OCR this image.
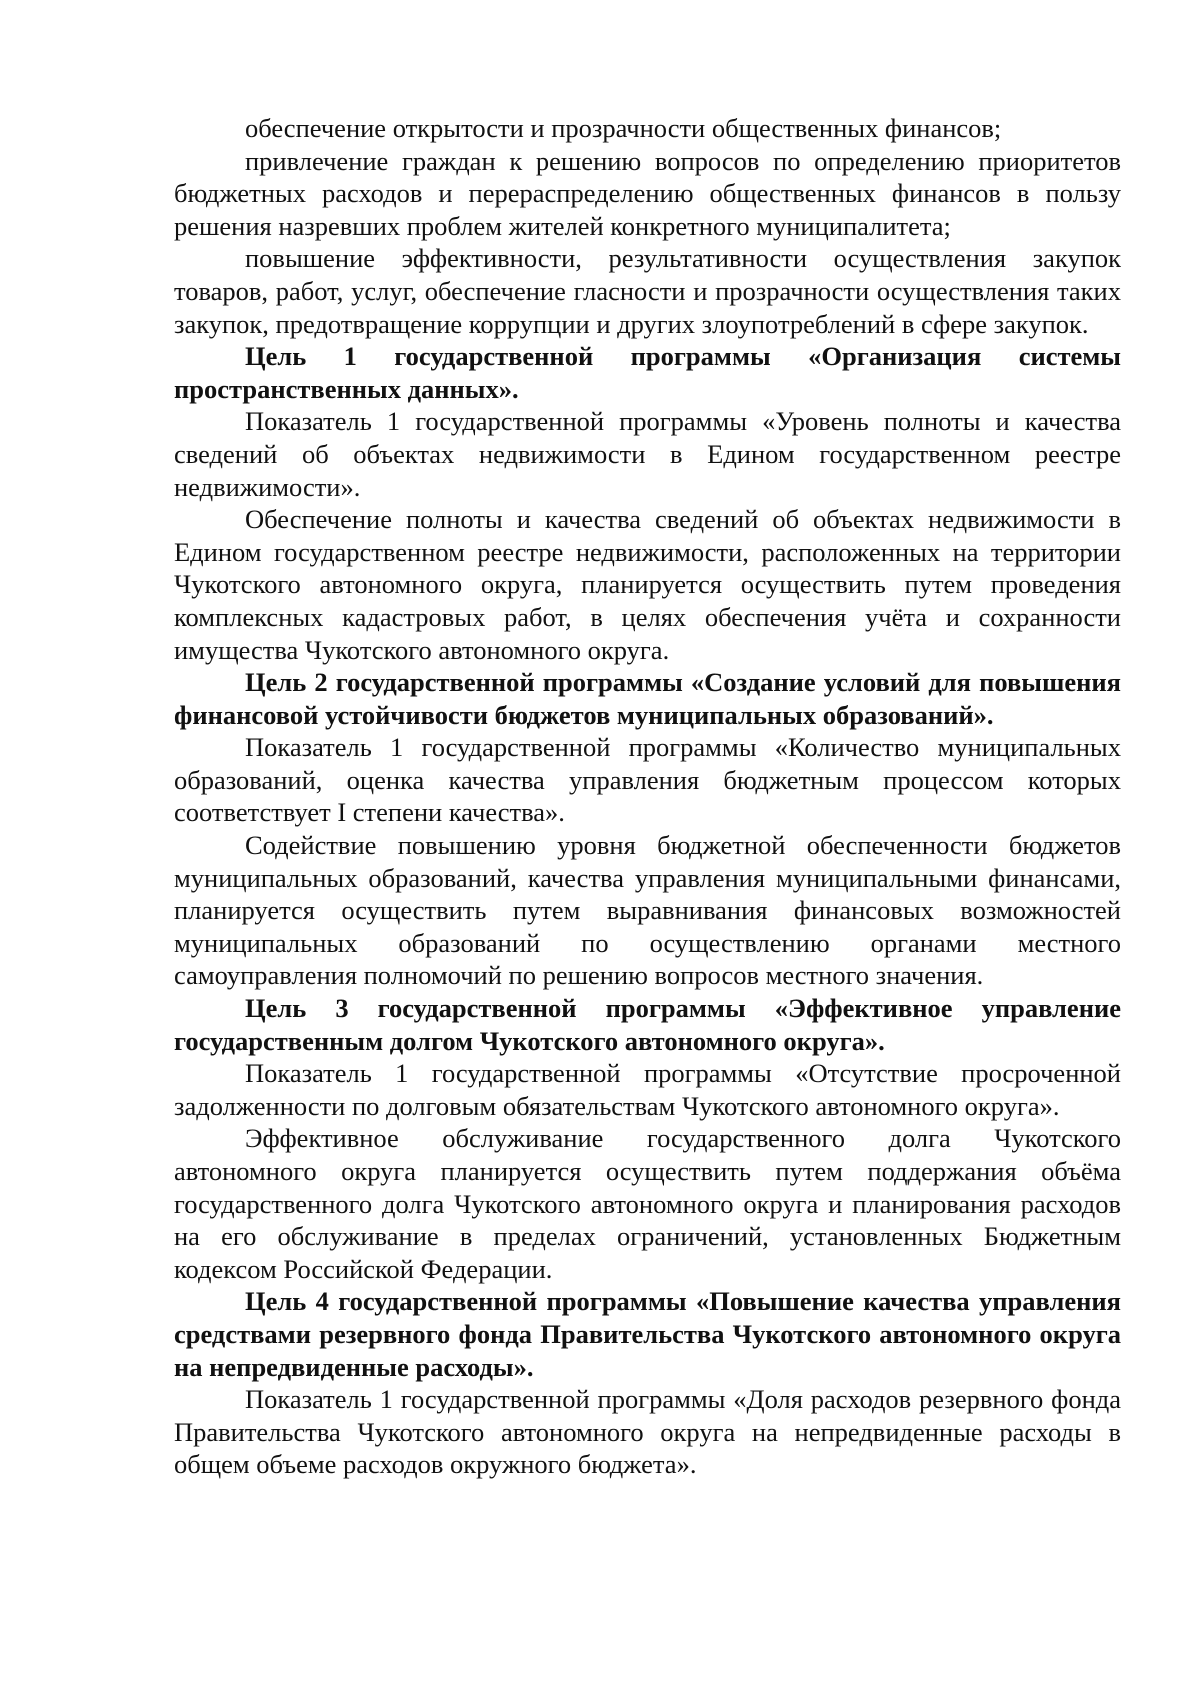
обеспечение открытости и прозрачности общественных финансов;

привлечение граждан к решению вопросов по определению приоритетов бюджетных расходов и перераспределению общественных финансов в пользу решения назревших проблем жителей конкретного муниципалитета;

повышение эффективности, результативности осуществления закупок товаров, работ, услуг, обеспечение гласности и прозрачности осуществления таких закупок, предотвращение коррупции и других злоупотреблений в сфере закупок.

Цель 1 государственной программы «Организация системы пространственных данных».

Показатель 1 государственной программы «Уровень полноты и качества сведений об объектах недвижимости в Едином государственном реестре недвижимости».

Обеспечение полноты и качества сведений об объектах недвижимости в Едином государственном реестре недвижимости, расположенных на территории Чукотского автономного округа, планируется осуществить путем проведения комплексных кадастровых работ, в целях обеспечения учёта и сохранности имущества Чукотского автономного округа.

Цель 2 государственной программы «Создание условий для повышения финансовой устойчивости бюджетов муниципальных образований».

Показатель 1 государственной программы «Количество муниципальных образований, оценка качества управления бюджетным процессом которых соответствует I степени качества».

Содействие повышению уровня бюджетной обеспеченности бюджетов муниципальных образований, качества управления муниципальными финансами, планируется осуществить путем выравнивания финансовых возможностей муниципальных образований по осуществлению органами местного самоуправления полномочий по решению вопросов местного значения.

Цель 3 государственной программы «Эффективное управление государственным долгом Чукотского автономного округа».

Показатель 1 государственной программы «Отсутствие просроченной задолженности по долговым обязательствам Чукотского автономного округа».

Эффективное обслуживание государственного долга Чукотского автономного округа планируется осуществить путем поддержания объёма государственного долга Чукотского автономного округа и планирования расходов на его обслуживание в пределах ограничений, установленных Бюджетным кодексом Российской Федерации.

Цель 4 государственной программы «Повышение качества управления средствами резервного фонда Правительства Чукотского автономного округа на непредвиденные расходы».

Показатель 1 государственной программы «Доля расходов резервного фонда Правительства Чукотского автономного округа на непредвиденные расходы в общем объеме расходов окружного бюджета».
